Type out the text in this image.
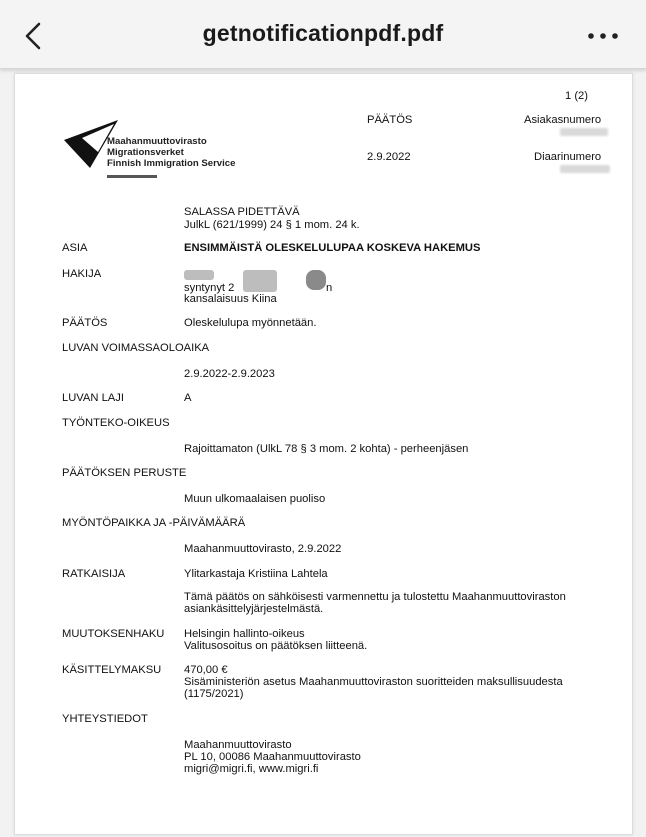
getnotificationpdf.pdf
1 (2)
Maahanmuuttovirasto
Migrationsverket
Finnish Immigration Service
PÄÄTÖS	Asiakasnumero
2.9.2022	Diaarinumero
SALASSA PIDETTÄVÄ
JulkL (621/1999) 24 § 1 mom. 24 k.
ASIA	ENSIMMÄISTÄ OLESKELULUPAA KOSKEVA HAKEMUS
HAKIJA
syntynyt 2	n
kansalaisuus Kiina
PÄÄTÖS	Oleskelulupa myönnetään.
LUVAN VOIMASSAOLOAIKA
2.9.2022-2.9.2023
LUVAN LAJI	A
TYÖNTEKO-OIKEUS
Rajoittamaton (UlkL 78 § 3 mom. 2 kohta) - perheenjäsen
PÄÄTÖKSEN PERUSTE
Muun ulkomaalaisen puoliso
MYÖNTÖPAIKKA JA -PÄIVÄMÄÄRÄ
Maahanmuuttovirasto, 2.9.2022
RATKAISIJA	Ylitarkastaja Kristiina Lahtela
Tämä päätös on sähköisesti varmennettu ja tulostettu Maahanmuuttoviraston
asiankäsittelyjärjestelmästä.
MUUTOKSENHAKU Helsingin hallinto-oikeus
Valitusosoitus on päätöksen liitteenä.
KÄSITTELYMAKSU 470,00 €
Sisäministeriön asetus Maahanmuuttoviraston suoritteiden maksullisuudesta
(1175/2021)
YHTEYSTIEDOT
Maahanmuuttovirasto
PL 10, 00086 Maahanmuuttovirasto
migri@migri.fi, www.migri.fi
